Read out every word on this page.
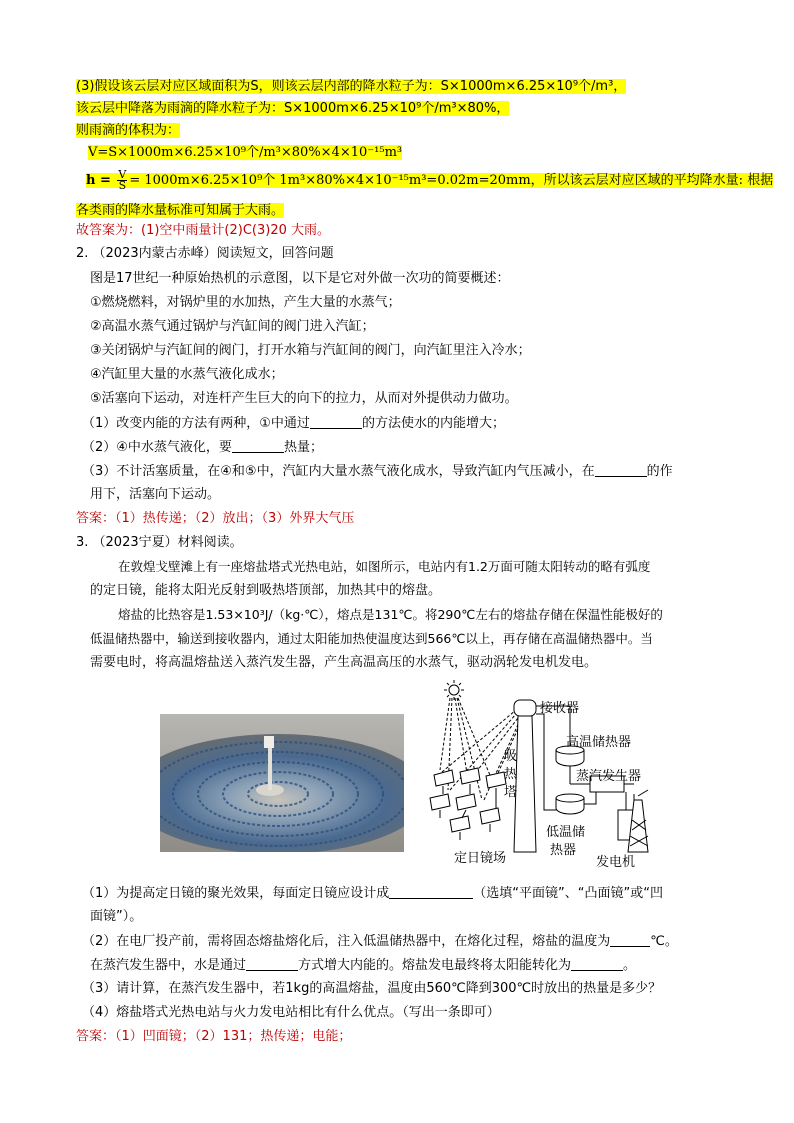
(3)假设该云层对应区域面积为S，则该云层内部的降水粒子为：S×1000m×6.25×10⁹个/m³，
该云层中降落为雨滴的降水粒子为：S×1000m×6.25×10⁹个/m³×80%，
则雨滴的体积为：
V=S×1000m×6.25×10⁹个/m³×80%×4×10⁻¹⁵m³
$h = \frac{V}{S} = 1000m\times 6.25\times 10^9$个 1m³×80%×4×10⁻¹⁵m³=0.02m=20mm，所以该云层对应区域的平均降水量: 根据
各类雨的降水量标准可知属于大雨。
故答案为：(1)空中雨量计(2)C(3)20 大雨。
2. （2023内蒙古赤峰）阅读短文，回答问题
图是17世纪一种原始热机的示意图，以下是它对外做一次功的简要概述：
①燃烧燃料，对锅炉里的水加热，产生大量的水蒸气；
②高温水蒸气通过锅炉与汽缸间的阀门进入汽缸；
③关闭锅炉与汽缸间的阀门，打开水箱与汽缸间的阀门，向汽缸里注入冷水；
④汽缸里大量的水蒸气液化成水；
⑤活塞向下运动，对连杆产生巨大的向下的拉力，从而对外提供动力做功。
（1）改变内能的方法有两种，①中通过	的方法使水的内能增大；
（2）④中水蒸气液化，要	热量；
（3）不计活塞质量，在④和⑤中，汽缸内大量水蒸气液化成水，导致汽缸内气压减小，在	的作
用下，活塞向下运动。
答案：（1）热传递；（2）放出；（3）外界大气压
3. （2023宁夏）材料阅读。
在敦煌戈壁滩上有一座熔盐塔式光热电站，如图所示，电站内有1.2万面可随太阳转动的略有弧度
的定日镜，能将太阳光反射到吸热塔顶部，加热其中的熔盘。
熔盐的比热容是1.53×10³J/（kg·℃），熔点是131℃。将290℃左右的熔盐存储在保温性能极好的
低温储热器中，输送到接收器内，通过太阳能加热使温度达到566℃以上，再存储在高温储热器中。当
需要电时，将高温熔盐送入蒸汽发生器，产生高温高压的水蒸气，驱动涡轮发电机发电。
接收器
高温储热器
蒸汽发生器
吸
热
塔
低温储
热器
定日镜场	发电机
（1）为提高定日镜的聚光效果，每面定日镜应设计成	（选填“平面镜”、“凸面镜”或“凹
面镜”）。
（2）在电厂投产前，需将固态熔盐熔化后，注入低温储热器中，在熔化过程，熔盐的温度为	℃。
在蒸汽发生器中，水是通过	方式增大内能的。熔盐发电最终将太阳能转化为	。
（3）请计算，在蒸汽发生器中，若1kg的高温熔盐，温度由560℃降到300℃时放出的热量是多少？
（4）熔盐塔式光热电站与火力发电站相比有什么优点。（写出一条即可）
答案：（1）凹面镜；（2）131；热传递；电能；
